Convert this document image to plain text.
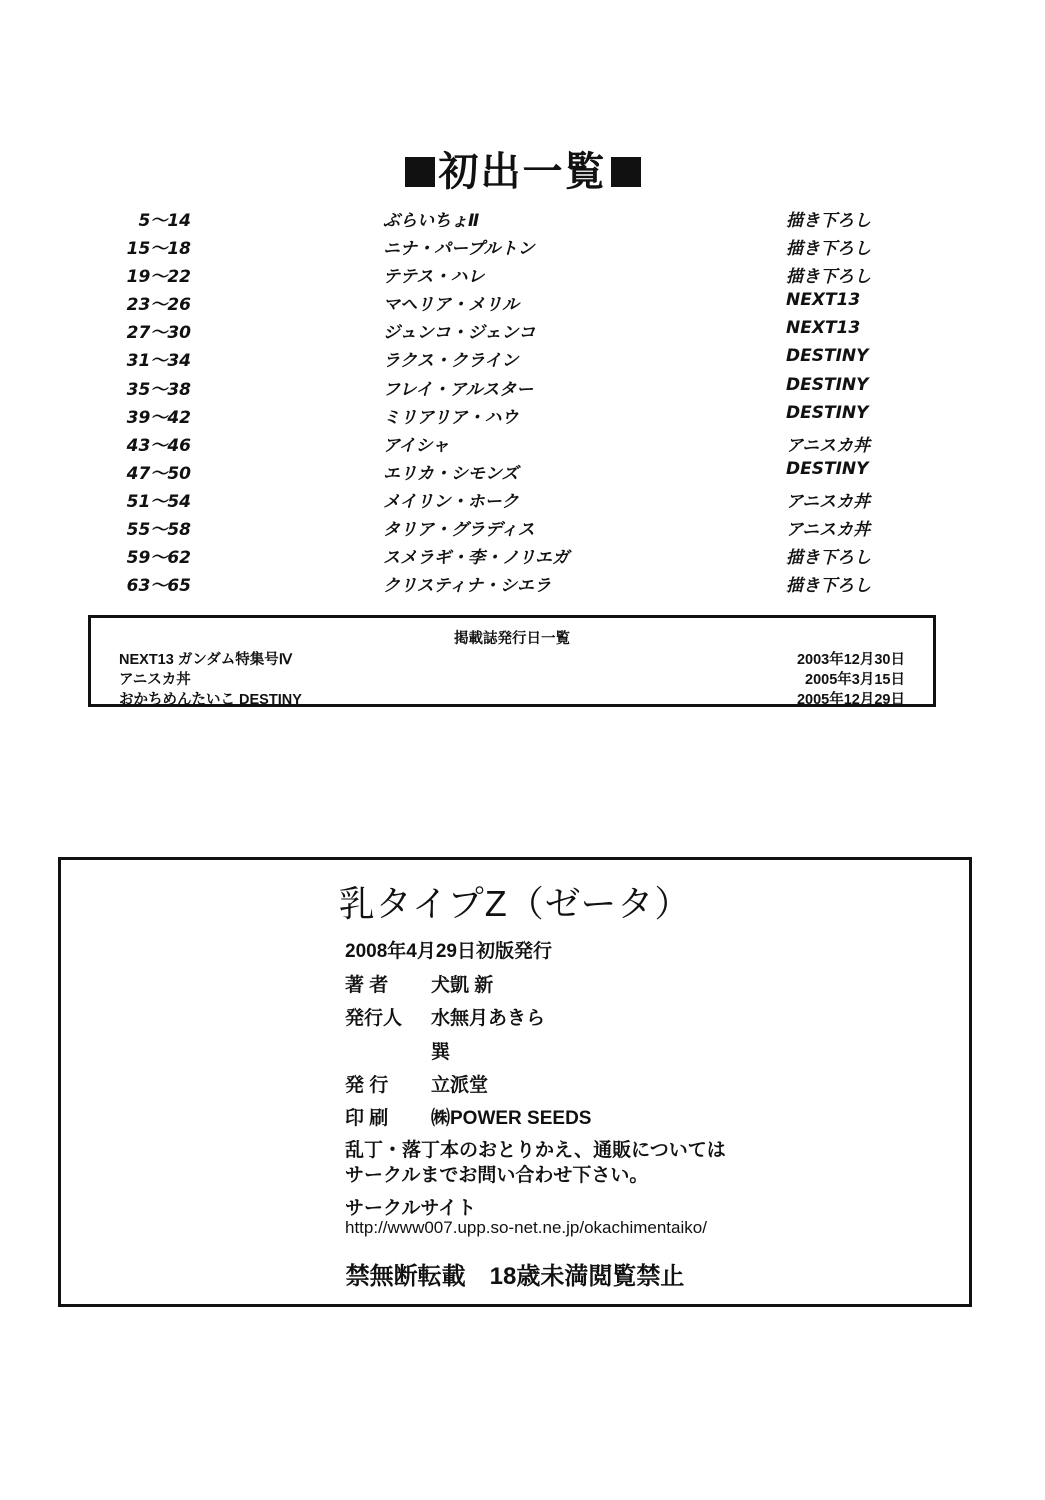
初出一覧
5～14	ぶらいちょⅡ	描き下ろし
15～18	ニナ・パープルトン	描き下ろし
19～22	テテス・ハレ	描き下ろし
23～26	マヘリア・メリル	NEXT13
27～30	ジュンコ・ジェンコ	NEXT13
31～34	ラクス・クライン	DESTINY
35～38	フレイ・アルスター	DESTINY
39～42	ミリアリア・ハウ	DESTINY
43～46	アイシャ	アニスカ丼
47～50	エリカ・シモンズ	DESTINY
51～54	メイリン・ホーク	アニスカ丼
55～58	タリア・グラディス	アニスカ丼
59～62	スメラギ・李・ノリエガ	描き下ろし
63～65	クリスティナ・シエラ	描き下ろし
掲載誌発行日一覧
NEXT13 ガンダム特集号Ⅳ	2003年12月30日
アニスカ丼	2005年3月15日
おかちめんたいこ DESTINY	2005年12月29日
乳タイプZ（ゼータ）
2008年4月29日初版発行
著 者 犬凱 新
発行人 水無月あきら
巽
発 行 立派堂
印 刷 ㈱POWER SEEDS
乱丁・落丁本のおとりかえ、通販については
サークルまでお問い合わせ下さい。
サークルサイト
http://www007.upp.so-net.ne.jp/okachimentaiko/
禁無断転載　18歳未満閲覧禁止
